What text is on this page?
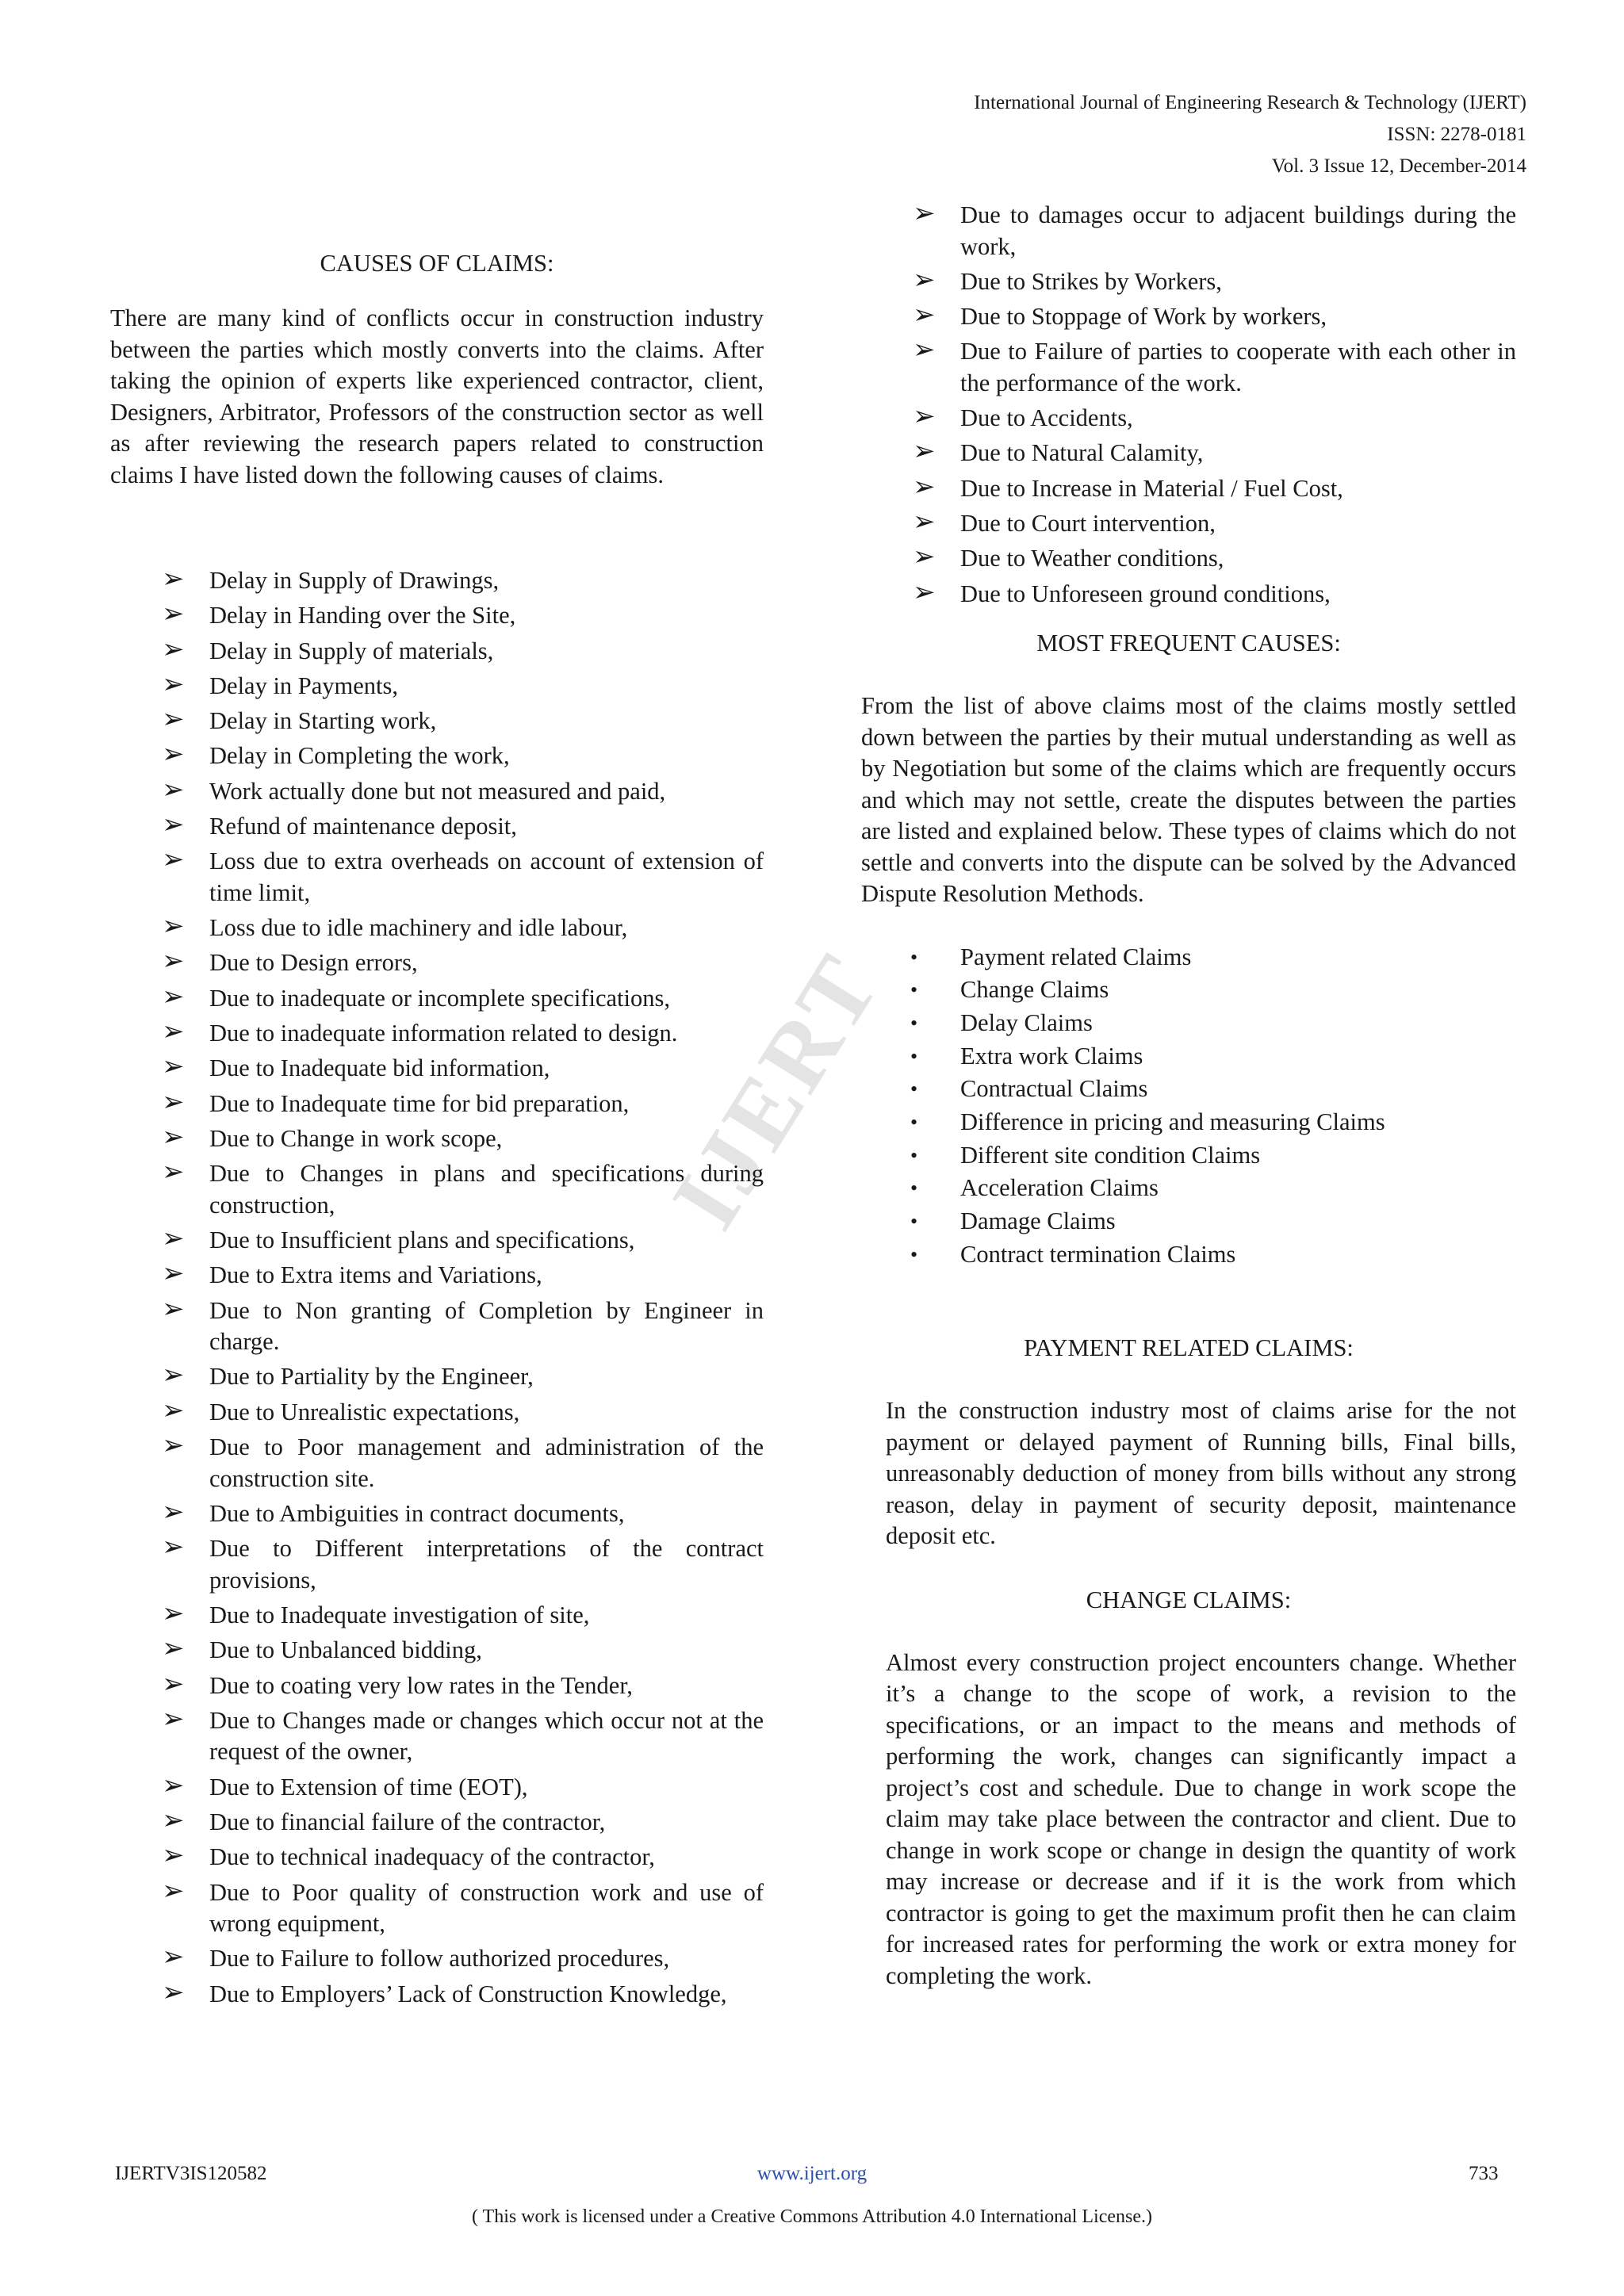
International Journal of Engineering Research & Technology (IJERT)
ISSN: 2278-0181
Vol. 3 Issue 12, December-2014
IJERT
CAUSES OF CLAIMS:

There are many kind of conflicts occur in construction industry between the parties which mostly converts into the claims. After taking the opinion of experts like experienced contractor, client, Designers, Arbitrator, Professors of the construction sector as well as after reviewing the research papers related to construction claims I have listed down the following causes of claims.

➢ Delay in Supply of Drawings,
➢ Delay in Handing over the Site,
➢ Delay in Supply of materials,
➢ Delay in Payments,
➢ Delay in Starting work,
➢ Delay in Completing the work,
➢ Work actually done but not measured and paid,
➢ Refund of maintenance deposit,
➢ Loss due to extra overheads on account of extension of time limit,
➢ Loss due to idle machinery and idle labour,
➢ Due to Design errors,
➢ Due to inadequate or incomplete specifications,
➢ Due to inadequate information related to design.
➢ Due to Inadequate bid information,
➢ Due to Inadequate time for bid preparation,
➢ Due to Change in work scope,
➢ Due to Changes in plans and specifications during construction,
➢ Due to Insufficient plans and specifications,
➢ Due to Extra items and Variations,
➢ Due to Non granting of Completion by Engineer in charge.
➢ Due to Partiality by the Engineer,
➢ Due to Unrealistic expectations,
➢ Due to Poor management and administration of the construction site.
➢ Due to Ambiguities in contract documents,
➢ Due to Different interpretations of the contract provisions,
➢ Due to Inadequate investigation of site,
➢ Due to Unbalanced bidding,
➢ Due to coating very low rates in the Tender,
➢ Due to Changes made or changes which occur not at the request of the owner,
➢ Due to Extension of time (EOT),
➢ Due to financial failure of the contractor,
➢ Due to technical inadequacy of the contractor,
➢ Due to Poor quality of construction work and use of wrong equipment,
➢ Due to Failure to follow authorized procedures,
➢ Due to Employers’ Lack of Construction Knowledge,
➢ Due to damages occur to adjacent buildings during the work,
➢ Due to Strikes by Workers,
➢ Due to Stoppage of Work by workers,
➢ Due to Failure of parties to cooperate with each other in the performance of the work.
➢ Due to Accidents,
➢ Due to Natural Calamity,
➢ Due to Increase in Material / Fuel Cost,
➢ Due to Court intervention,
➢ Due to Weather conditions,
➢ Due to Unforeseen ground conditions,
MOST FREQUENT CAUSES:

From the list of above claims most of the claims mostly settled down between the parties by their mutual understanding as well as by Negotiation but some of the claims which are frequently occurs and which may not settle, create the disputes between the parties are listed and explained below. These types of claims which do not settle and converts into the dispute can be solved by the Advanced Dispute Resolution Methods.

• Payment related Claims
• Change Claims
• Delay Claims
• Extra work Claims
• Contractual Claims
• Difference in pricing and measuring Claims
• Different site condition Claims
• Acceleration Claims
• Damage Claims
• Contract termination Claims
PAYMENT RELATED CLAIMS:

In the construction industry most of claims arise for the not payment or delayed payment of Running bills, Final bills, unreasonably deduction of money from bills without any strong reason, delay in payment of security deposit, maintenance deposit etc.

CHANGE CLAIMS:

Almost every construction project encounters change. Whether it’s a change to the scope of work, a revision to the specifications, or an impact to the means and methods of performing the work, changes can significantly impact a project’s cost and schedule. Due to change in work scope the claim may take place between the contractor and client. Due to change in work scope or change in design the quantity of work may increase or decrease and if it is the work from which contractor is going to get the maximum profit then he can claim for increased rates for performing the work or extra money for completing the work.

IJERTV3IS120582	www.ijert.org	733
( This work is licensed under a Creative Commons Attribution 4.0 International License.)
